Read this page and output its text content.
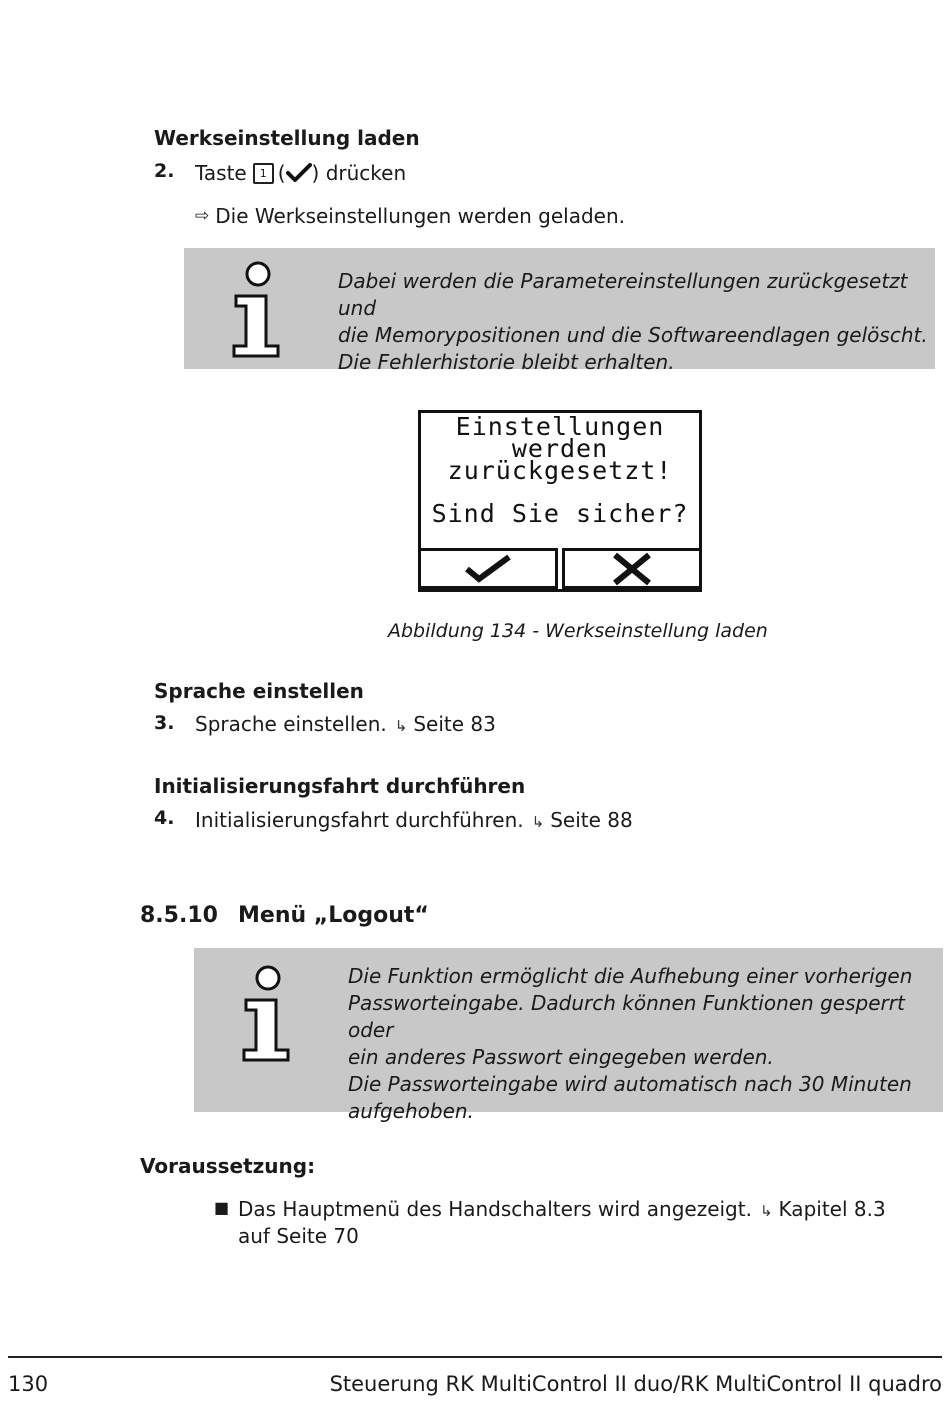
Werkseinstellung laden
2. Taste	1 ( ) drücken
⇨ Die Werkseinstellungen werden geladen.
Dabei werden die Parametereinstellungen zurückgesetzt und
die Memorypositionen und die Softwareendlagen gelöscht.
Die Fehlerhistorie bleibt erhalten.
Einstellungen
werden
zurückgesetzt!
Sind Sie sicher?
Abbildung 134 - Werkseinstellung laden
Sprache einstellen
3. Sprache einstellen. ↳ Seite 83
Initialisierungsfahrt durchführen
4. Initialisierungsfahrt durchführen. ↳ Seite 88
8.5.10 Menü „Logout“
Die Funktion ermöglicht die Aufhebung einer vorherigen
Passworteingabe. Dadurch können Funktionen gesperrt oder
ein anderes Passwort eingegeben werden.
Die Passworteingabe wird automatisch nach 30 Minuten
aufgehoben.
Voraussetzung:
■ Das Hauptmenü des Handschalters wird angezeigt. ↳ Kapitel 8.3
auf Seite 70
130	Steuerung RK MultiControl II duo/RK MultiControl II quadro
